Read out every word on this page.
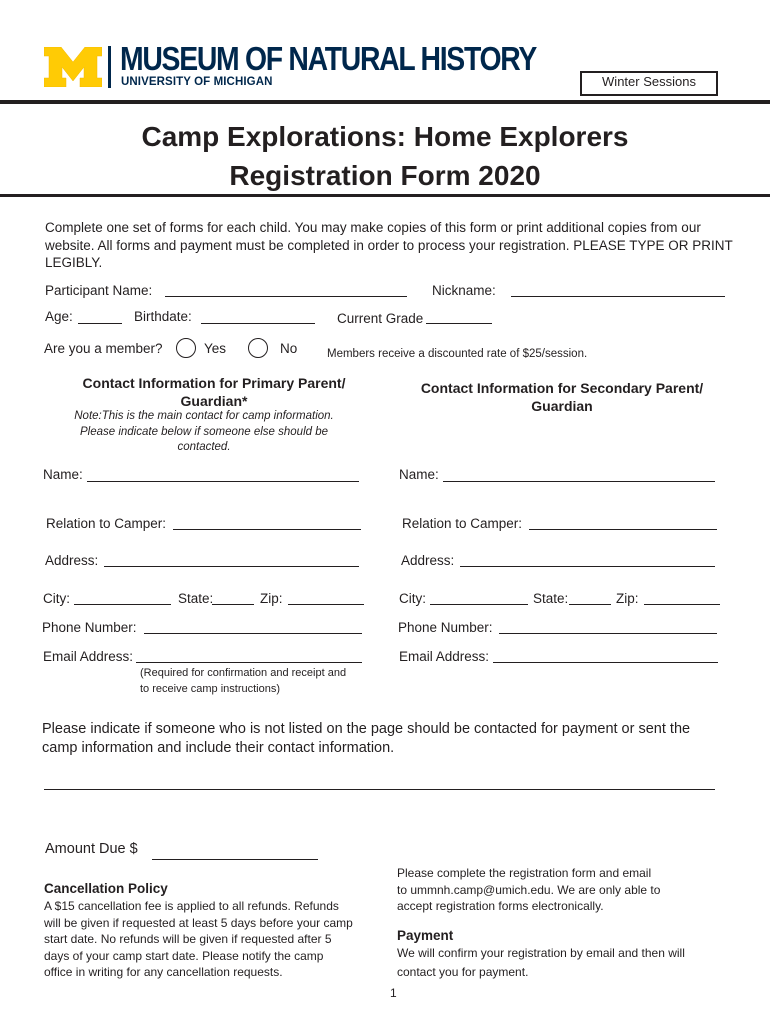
MUSEUM OF NATURAL HISTORY
UNIVERSITY OF MICHIGAN	Winter Sessions
Camp Explorations: Home Explorers
Registration Form 2020
Complete one set of forms for each child. You may make copies of this form or print additional copies from our website. All forms and payment must be completed in order to process your registration. PLEASE TYPE OR PRINT LEGIBLY.
Participant Name:	Nickname:
Age:	Birthdate:	Current Grade
Are you a member?	Yes	No	Members receive a discounted rate of $25/session.
Contact Information for Primary Parent/
Guardian*
Note:This is the main contact for camp information.
Please indicate below if someone else should be
contacted.
Contact Information for Secondary Parent/
Guardian
Name:
Relation to Camper:
Address:
City:	State:	Zip:
Phone Number:
Email Address:
(Required for confirmation and receipt and
to receive camp instructions)
Name:
Relation to Camper:
Address:
City:	State:	Zip:
Phone Number:
Email Address:
Please indicate if someone who is not listed on the page should be contacted for payment or sent the
camp information and include their contact information.
Amount Due $
Cancellation Policy
A $15 cancellation fee is applied to all refunds. Refunds
will be given if requested at least 5 days before your camp
start date. No refunds will be given if requested after 5
days of your camp start date. Please notify the camp
office in writing for any cancellation requests.
Please complete the registration form and email
to ummnh.camp@umich.edu. We are only able to
accept registration forms electronically.
Payment
We will confirm your registration by email and then will
contact you for payment.
1
